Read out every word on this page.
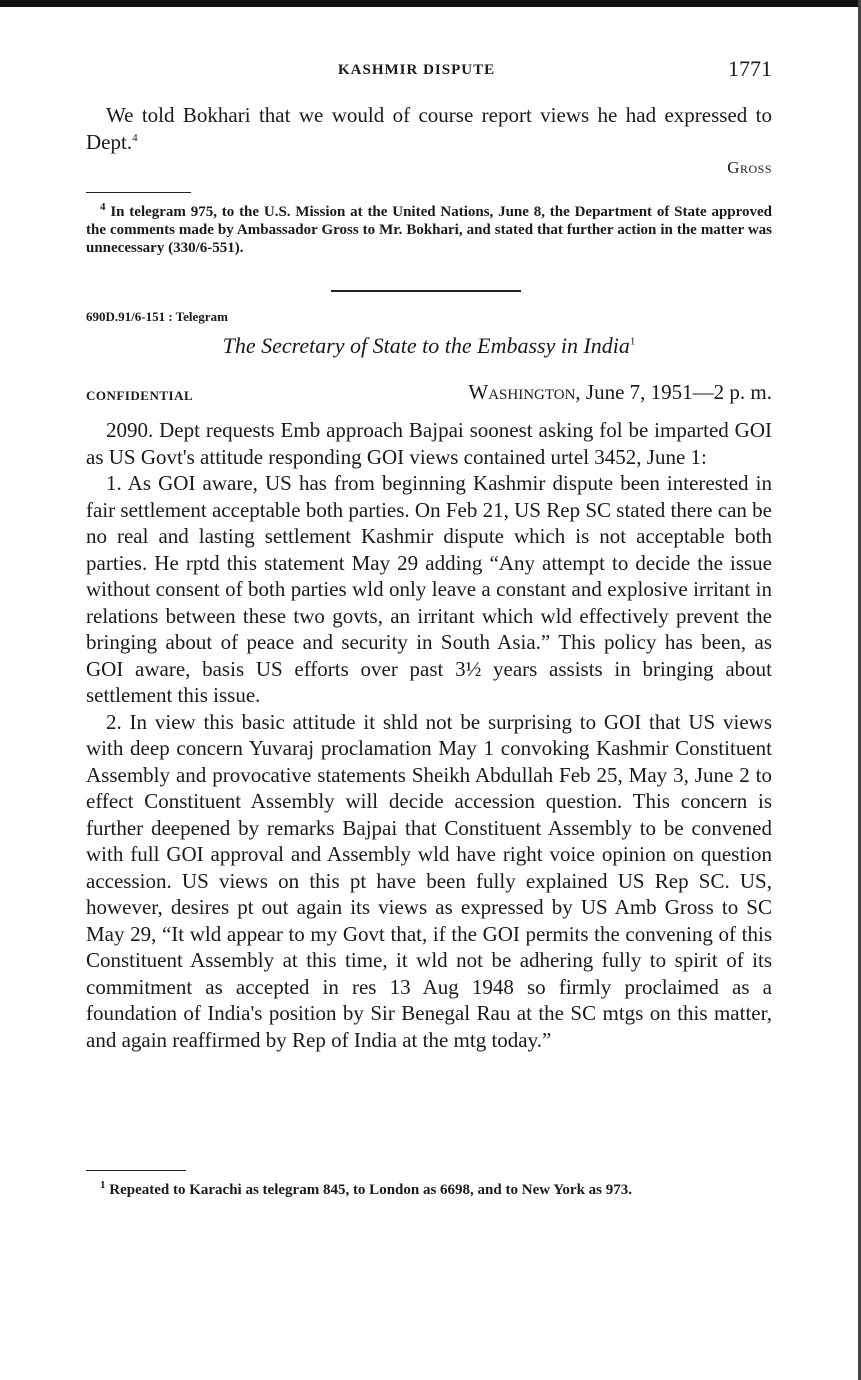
KASHMIR DISPUTE	1771
We told Bokhari that we would of course report views he had expressed to Dept.$^4$
Gross
$^4$ In telegram 975, to the U.S. Mission at the United Nations, June 8, the Department of State approved the comments made by Ambassador Gross to Mr. Bokhari, and stated that further action in the matter was unnecessary (330/6-551).
690D.91/6-151 : Telegram
The Secretary of State to the Embassy in India$^1$
CONFIDENTIAL	Washington, June 7, 1951—2 p. m.

2090. Dept requests Emb approach Bajpai soonest asking fol be imparted GOI as US Govt's attitude responding GOI views contained urtel 3452, June 1:

1. As GOI aware, US has from beginning Kashmir dispute been interested in fair settlement acceptable both parties. On Feb 21, US Rep SC stated there can be no real and lasting settlement Kashmir dispute which is not acceptable both parties. He rptd this statement May 29 adding “Any attempt to decide the issue without consent of both parties wld only leave a constant and explosive irritant in relations between these two govts, an irritant which wld effectively prevent the bringing about of peace and security in South Asia.” This policy has been, as GOI aware, basis US efforts over past 3½ years assists in bringing about settlement this issue.

2. In view this basic attitude it shld not be surprising to GOI that US views with deep concern Yuvaraj proclamation May 1 convoking Kashmir Constituent Assembly and provocative statements Sheikh Abdullah Feb 25, May 3, June 2 to effect Constituent Assembly will decide accession question. This concern is further deepened by remarks Bajpai that Constituent Assembly to be convened with full GOI approval and Assembly wld have right voice opinion on question accession. US views on this pt have been fully explained US Rep SC. US, however, desires pt out again its views as expressed by US Amb Gross to SC May 29, “It wld appear to my Govt that, if the GOI permits the convening of this Constituent Assembly at this time, it wld not be adhering fully to spirit of its commitment as accepted in res 13 Aug 1948 so firmly proclaimed as a foundation of India's position by Sir Benegal Rau at the SC mtgs on this matter, and again reaffirmed by Rep of India at the mtg today.”

$^1$ Repeated to Karachi as telegram 845, to London as 6698, and to New York as 973.
